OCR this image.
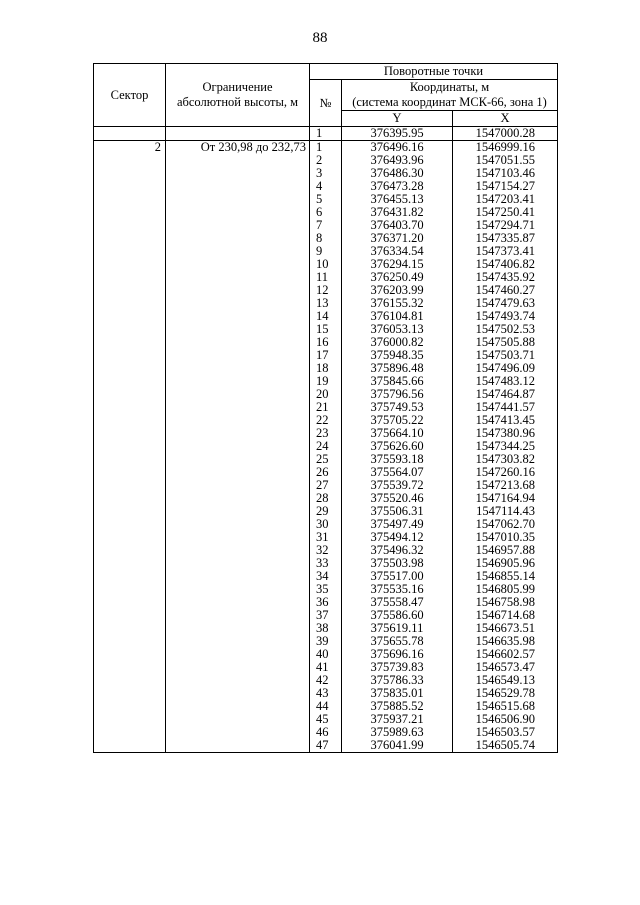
88
Сектор	Ограничение абсолютной высоты, м	Поворотные точки		
		№	Координаты, м
(система координат МСК-66, зона 1)	

			Y	X
		1	376395.95	1547000.28
2	От 230,98 до 232,73	1	376496.16	1546999.16
		2	376493.96	1547051.55
		3	376486.30	1547103.46
		4	376473.28	1547154.27
		5	376455.13	1547203.41
		6	376431.82	1547250.41
		7	376403.70	1547294.71
		8	376371.20	1547335.87
		9	376334.54	1547373.41
		10	376294.15	1547406.82
		11	376250.49	1547435.92
		12	376203.99	1547460.27
		13	376155.32	1547479.63
		14	376104.81	1547493.74
		15	376053.13	1547502.53
		16	376000.82	1547505.88
		17	375948.35	1547503.71
		18	375896.48	1547496.09
		19	375845.66	1547483.12
		20	375796.56	1547464.87
		21	375749.53	1547441.57
		22	375705.22	1547413.45
		23	375664.10	1547380.96
		24	375626.60	1547344.25
		25	375593.18	1547303.82
		26	375564.07	1547260.16
		27	375539.72	1547213.68
		28	375520.46	1547164.94
		29	375506.31	1547114.43
		30	375497.49	1547062.70
		31	375494.12	1547010.35
		32	375496.32	1546957.88
		33	375503.98	1546905.96
		34	375517.00	1546855.14
		35	375535.16	1546805.99
		36	375558.47	1546758.98
		37	375586.60	1546714.68
		38	375619.11	1546673.51
		39	375655.78	1546635.98
		40	375696.16	1546602.57
		41	375739.83	1546573.47
		42	375786.33	1546549.13
		43	375835.01	1546529.78
		44	375885.52	1546515.68
		45	375937.21	1546506.90
		46	375989.63	1546503.57
		47	376041.99	1546505.74
